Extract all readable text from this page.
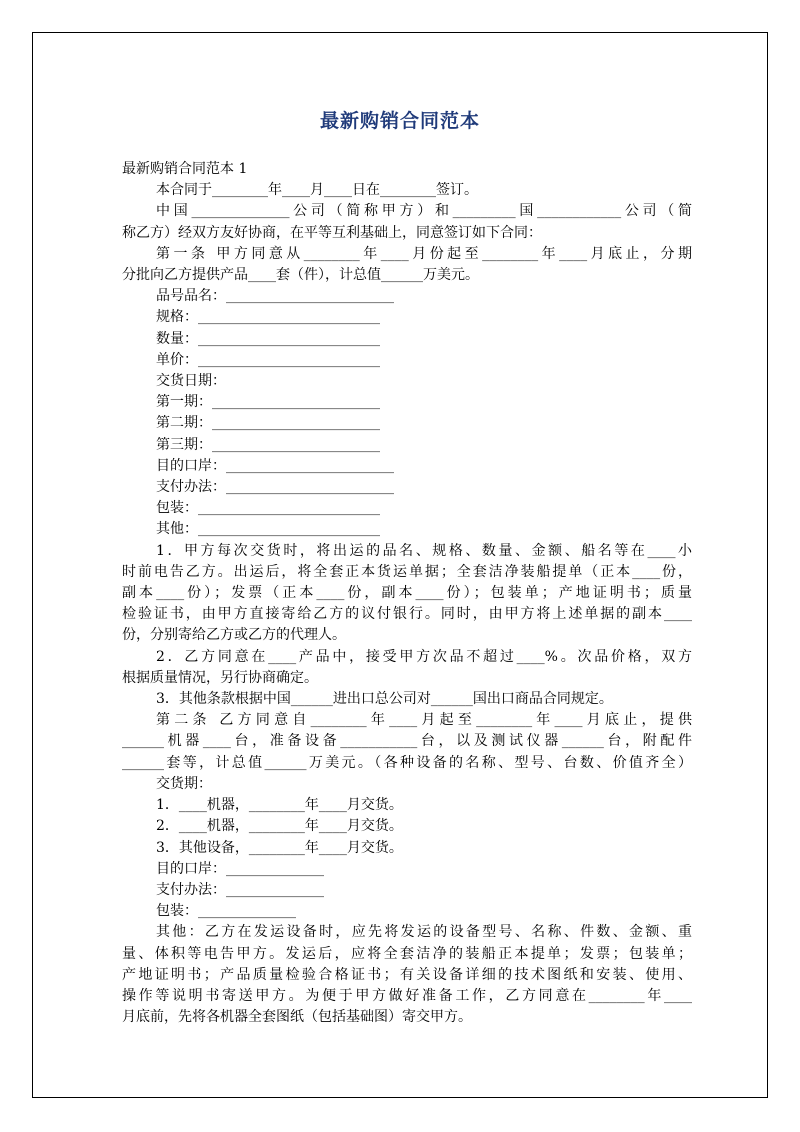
最新购销合同范本

最新购销合同范本 1

本合同于________年____月____日在________签订。

中国______________公司（简称甲方）和_________国____________公司（简

称乙方）经双方友好协商，在平等互利基础上，同意签订如下合同：

第一条 甲方同意从________年____月份起至________年____月底止，分期

分批向乙方提供产品____套（件），计总值______万美元。

品号品名：________________________

规格：__________________________

数量：__________________________

单价：__________________________

交货日期：

第一期：________________________

第二期：________________________

第三期：________________________

目的口岸：________________________

支付办法：________________________

包装：__________________________

其他：__________________________

1．甲方每次交货时，将出运的品名、规格、数量、金额、船名等在____小

时前电告乙方。出运后，将全套正本货运单据；全套洁净装船提单（正本____份，

副本____份）；发票（正本____份，副本____份）；包装单；产地证明书；质量

检验证书，由甲方直接寄给乙方的议付银行。同时，由甲方将上述单据的副本____

份，分别寄给乙方或乙方的代理人。

2．乙方同意在____产品中，接受甲方次品不超过____%。次品价格，双方

根据质量情况，另行协商确定。

3．其他条款根据中国______进出口总公司对______国出口商品合同规定。

第二条 乙方同意自________年____月起至________年____月底止，提供

______机器____台，准备设备___________台，以及测试仪器______台，附配件

______套等，计总值______万美元。（各种设备的名称、型号、台数、价值齐全）

交货期：

1．____机器，________年____月交货。

2．____机器，________年____月交货。

3．其他设备，________年____月交货。

目的口岸：______________

支付办法：______________

包装：______________

其他：乙方在发运设备时，应先将发运的设备型号、名称、件数、金额、重

量、体积等电告甲方。发运后，应将全套洁净的装船正本提单；发票；包装单；

产地证明书；产品质量检验合格证书；有关设备详细的技术图纸和安装、使用、

操作等说明书寄送甲方。为便于甲方做好准备工作，乙方同意在________年____

月底前，先将各机器全套图纸（包括基础图）寄交甲方。
